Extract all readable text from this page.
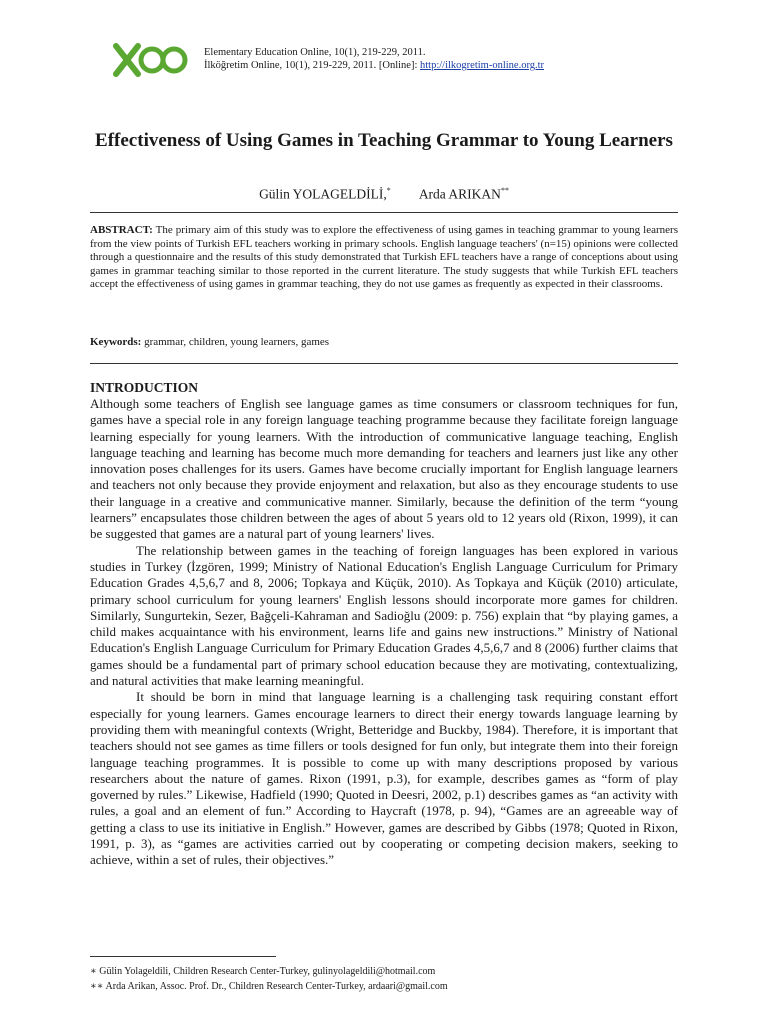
Elementary Education Online, 10(1), 219-229, 2011.
İlköğretim Online, 10(1), 219-229, 2011. [Online]: http://ilkogretim-online.org.tr
Effectiveness of Using Games in Teaching Grammar to Young Learners
Gülin YOLAGELDİLİ,* Arda ARIKAN**

ABSTRACT: The primary aim of this study was to explore the effectiveness of using games in teaching grammar to young learners from the view points of Turkish EFL teachers working in primary schools. English language teachers' (n=15) opinions were collected through a questionnaire and the results of this study demonstrated that Turkish EFL teachers have a range of conceptions about using games in grammar teaching similar to those reported in the current literature. The study suggests that while Turkish EFL teachers accept the effectiveness of using games in grammar teaching, they do not use games as frequently as expected in their classrooms.

Keywords: grammar, children, young learners, games

INTRODUCTION

Although some teachers of English see language games as time consumers or classroom techniques for fun, games have a special role in any foreign language teaching programme because they facilitate foreign language learning especially for young learners. With the introduction of communicative language teaching, English language teaching and learning has become much more demanding for teachers and learners just like any other innovation poses challenges for its users. Games have become crucially important for English language learners and teachers not only because they provide enjoyment and relaxation, but also as they encourage students to use their language in a creative and communicative manner. Similarly, because the definition of the term “young learners” encapsulates those children between the ages of about 5 years old to 12 years old (Rixon, 1999), it can be suggested that games are a natural part of young learners' lives.

The relationship between games in the teaching of foreign languages has been explored in various studies in Turkey (İzgören, 1999; Ministry of National Education's English Language Curriculum for Primary Education Grades 4,5,6,7 and 8, 2006; Topkaya and Küçük, 2010). As Topkaya and Küçük (2010) articulate, primary school curriculum for young learners' English lessons should incorporate more games for children. Similarly, Sungurtekin, Sezer, Bağçeli-Kahraman and Sadioğlu (2009: p. 756) explain that “by playing games, a child makes acquaintance with his environment, learns life and gains new instructions.” Ministry of National Education's English Language Curriculum for Primary Education Grades 4,5,6,7 and 8 (2006) further claims that games should be a fundamental part of primary school education because they are motivating, contextualizing, and natural activities that make learning meaningful.

It should be born in mind that language learning is a challenging task requiring constant effort especially for young learners. Games encourage learners to direct their energy towards language learning by providing them with meaningful contexts (Wright, Betteridge and Buckby, 1984). Therefore, it is important that teachers should not see games as time fillers or tools designed for fun only, but integrate them into their foreign language teaching programmes. It is possible to come up with many descriptions proposed by various researchers about the nature of games. Rixon (1991, p.3), for example, describes games as “form of play governed by rules.” Likewise, Hadfield (1990; Quoted in Deesri, 2002, p.1) describes games as “an activity with rules, a goal and an element of fun.” According to Haycraft (1978, p. 94), “Games are an agreeable way of getting a class to use its initiative in English.” However, games are described by Gibbs (1978; Quoted in Rixon, 1991, p. 3), as “games are activities carried out by cooperating or competing decision makers, seeking to achieve, within a set of rules, their objectives.”

∗ Gülin Yolageldili, Children Research Center-Turkey, gulinyolageldili@hotmail.com
∗∗ Arda Arikan, Assoc. Prof. Dr., Children Research Center-Turkey, ardaari@gmail.com
